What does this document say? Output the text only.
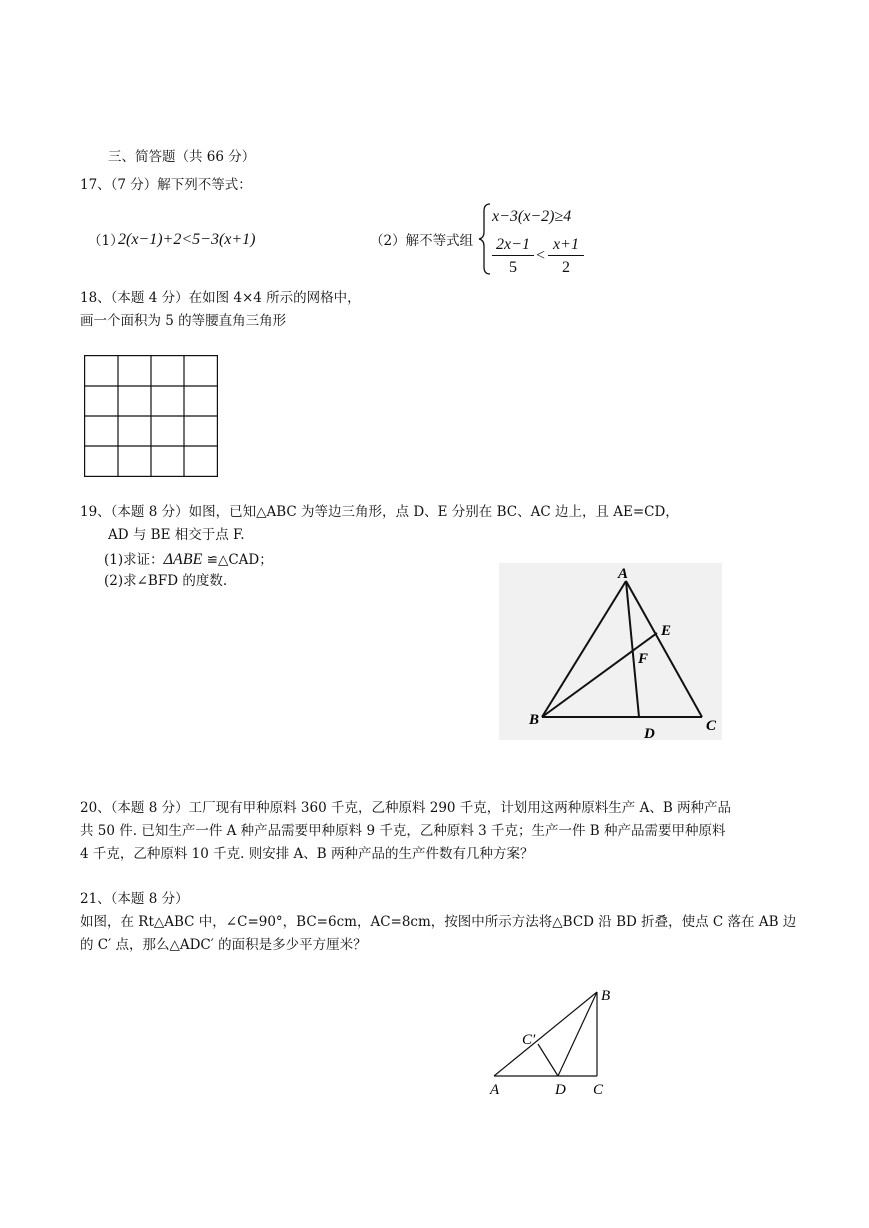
三、简答题（共 66 分）
17、（7 分）解下列不等式：
（1）
2(x−1)+2<5−3(x+1)	（2）解不等式组
x−3(x−2)≥4
2x−1
5
<
x+1
2
18、（本题 4 分）在如图 4×4 所示的网格中，
画一个面积为 5 的等腰直角三角形
19、（本题 8 分）如图，已知△ABC 为等边三角形，点 D、E 分别在 BC、AC 边上，且 AE=CD，
AD 与 BE 相交于点 F.
(1)求证：ΔABE ≌△CAD；
(2)求∠BFD 的度数.	A
B	C
D
E
F
20、（本题 8 分）工厂现有甲种原料 360 千克，乙种原料 290 千克，计划用这两种原料生产 A、B 两种产品
共 50 件. 已知生产一件 A 种产品需要甲种原料 9 千克，乙种原料 3 千克；生产一件 B 种产品需要甲种原料
4 千克，乙种原料 10 千克. 则安排 A、B 两种产品的生产件数有几种方案？
21、（本题 8 分）
如图，在 Rt△ABC 中，∠C=90°，BC=6cm，AC=8cm，按图中所示方法将△BCD 沿 BD 折叠，使点 C 落在 AB 边
的 C′ 点，那么△ADC′ 的面积是多少平方厘米？
B
C′
A	D C
